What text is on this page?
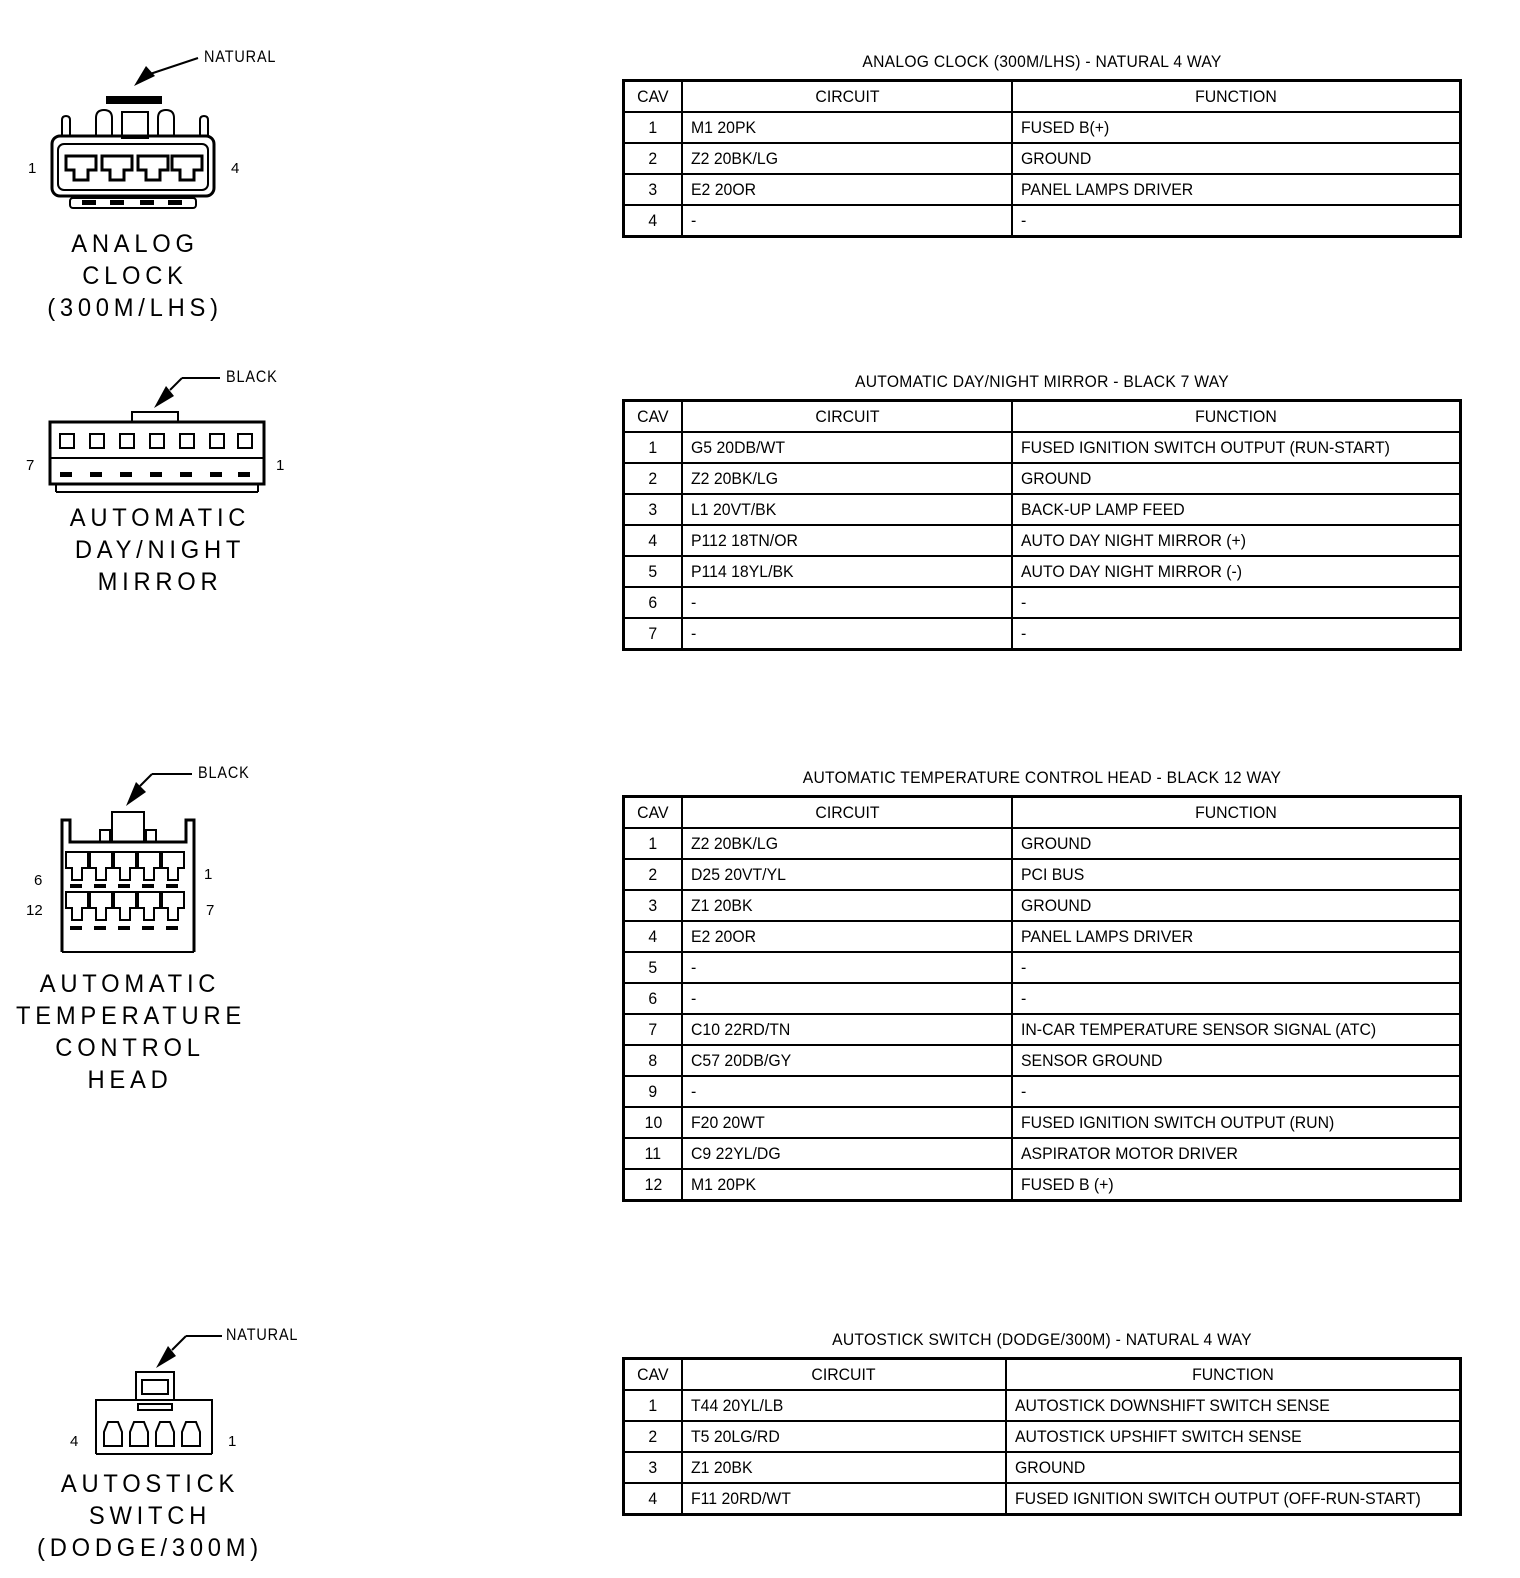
NATURAL
1	4
ANALOG CLOCK
(300M/LHS)
ANALOG CLOCK (300M/LHS) - NATURAL 4 WAY
CAV	CIRCUIT	FUNCTION
1	M1 20PK	FUSED B(+)
2	Z2 20BK/LG	GROUND
3	E2 20OR	PANEL LAMPS DRIVER
4	-	-
BLACK
7	1
AUTOMATIC
DAY/NIGHT
MIRROR
AUTOMATIC DAY/NIGHT MIRROR - BLACK 7 WAY
CAV	CIRCUIT	FUNCTION
1	G5 20DB/WT	FUSED IGNITION SWITCH OUTPUT (RUN-START)
2	Z2 20BK/LG	GROUND
3	L1 20VT/BK	BACK-UP LAMP FEED
4	P112 18TN/OR	AUTO DAY NIGHT MIRROR (+)
5	P114 18YL/BK	AUTO DAY NIGHT MIRROR (-)
6	-	-
7	-	-
BLACK
6	1
12	7
AUTOMATIC
TEMPERATURE
CONTROL
HEAD
AUTOMATIC TEMPERATURE CONTROL HEAD - BLACK 12 WAY
CAV	CIRCUIT	FUNCTION
1	Z2 20BK/LG	GROUND
2	D25 20VT/YL	PCI BUS
3	Z1 20BK	GROUND
4	E2 20OR	PANEL LAMPS DRIVER
5	-	-
6	-	-
7	C10 22RD/TN	IN-CAR TEMPERATURE SENSOR SIGNAL (ATC)
8	C57 20DB/GY	SENSOR GROUND
9	-	-
10	F20 20WT	FUSED IGNITION SWITCH OUTPUT (RUN)
11	C9 22YL/DG	ASPIRATOR MOTOR DRIVER
12	M1 20PK	FUSED B (+)
NATURAL
4	1
AUTOSTICK SWITCH
(DODGE/300M)
AUTOSTICK SWITCH (DODGE/300M) - NATURAL 4 WAY
CAV	CIRCUIT	FUNCTION
1	T44 20YL/LB	AUTOSTICK DOWNSHIFT SWITCH SENSE
2	T5 20LG/RD	AUTOSTICK UPSHIFT SWITCH SENSE
3	Z1 20BK	GROUND
4	F11 20RD/WT	FUSED IGNITION SWITCH OUTPUT (OFF-RUN-START)
